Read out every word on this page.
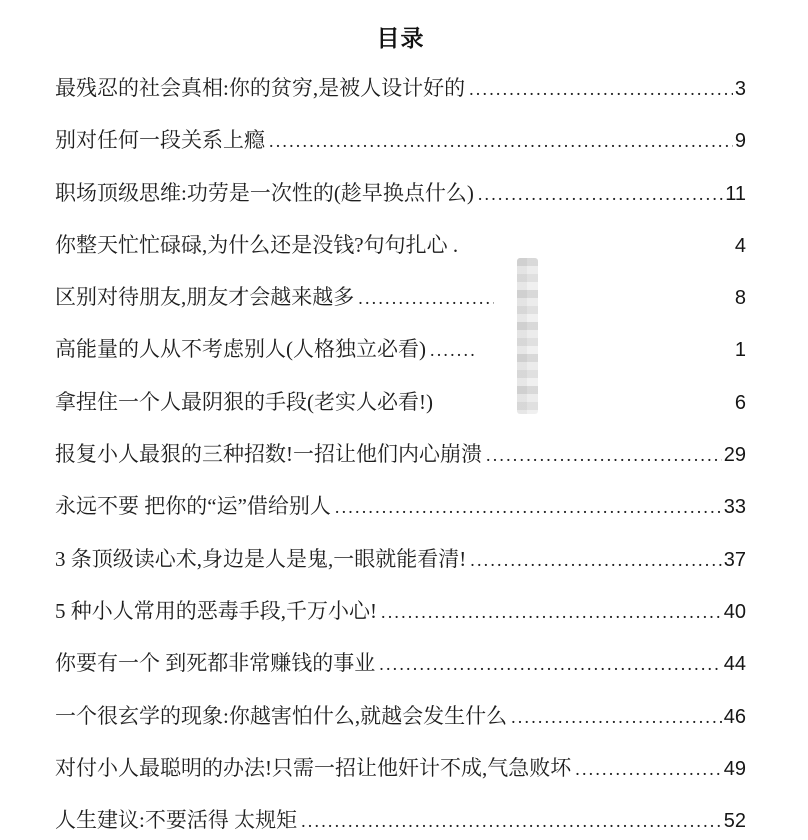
目录
最残忍的社会真相:你的贫穷,是被人设计好的 .....	3
别对任何一段关系上瘾 .....	9
职场顶级思维:功劳是一次性的(趁早换点什么) .....	11
你整天忙忙碌碌,为什么还是没钱?句句扎心 . .....	4
区别对待朋友,朋友才会越来越多 .....	8
高能量的人从不考虑别人(人格独立必看) .....	1
拿捏住一个人最阴狠的手段(老实人必看!) .....	6
报复小人最狠的三种招数!一招让他们内心崩溃 .....	29
永远不要 把你的“运”借给别人 .....	33
3 条顶级读心术,身边是人是鬼,一眼就能看清! .....	37
5 种小人常用的恶毒手段,千万小心! .....	40
你要有一个 到死都非常赚钱的事业 .....	44
一个很玄学的现象:你越害怕什么,就越会发生什么 .....	46
对付小人最聪明的办法!只需一招让他奸计不成,气急败坏 .....	49
人生建议:不要活得 太规矩 .....	52
